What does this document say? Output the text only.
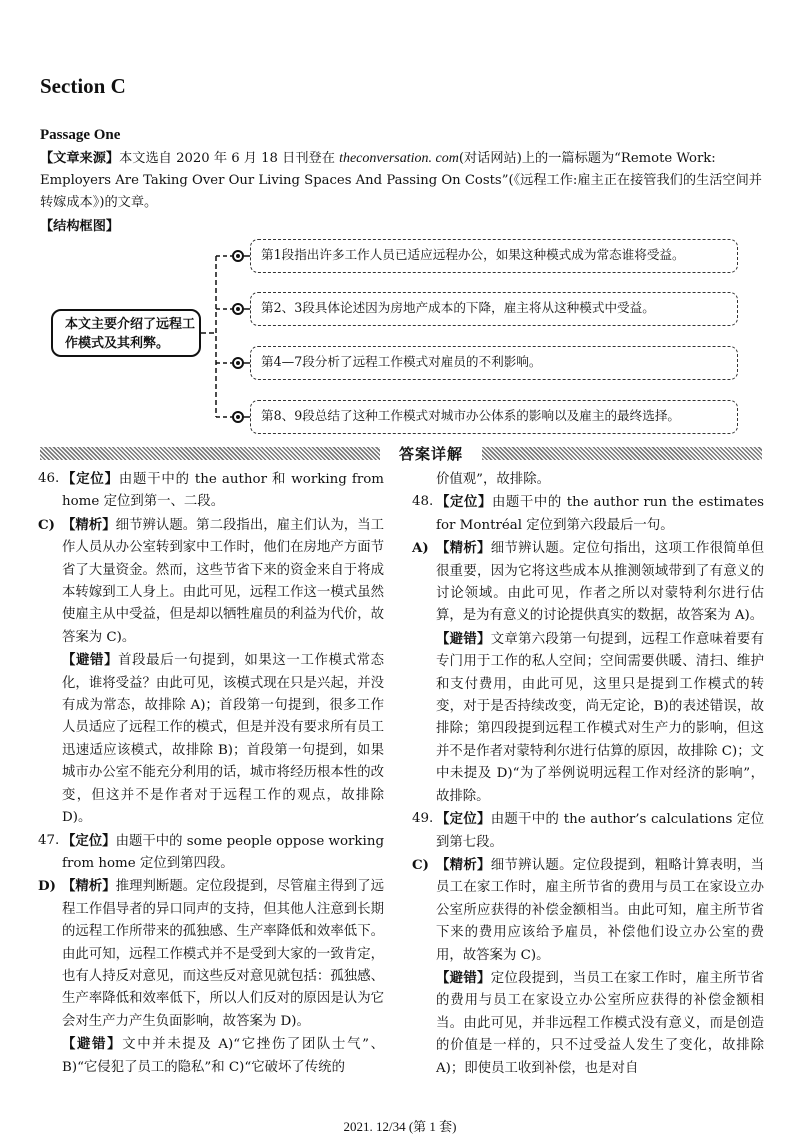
Section C
Passage One
【文章来源】本文选自 2020 年 6 月 18 日刊登在 theconversation. com(对话网站)上的一篇标题为“Remote Work: Employers Are Taking Over Our Living Spaces And Passing On Costs”(《远程工作:雇主正在接管我们的生活空间并转嫁成本》)的文章。
【结构框图】
本文主要介绍了远程工作模式及其利弊。
第1段指出许多工作人员已适应远程办公，如果这种模式成为常态谁将受益。
第2、3段具体论述因为房地产成本的下降，雇主将从这种模式中受益。
第4—7段分析了远程工作模式对雇员的不利影响。
第8、9段总结了这种工作模式对城市办公体系的影响以及雇主的最终选择。
答案详解

46. 【定位】由题干中的 the author 和 working from home 定位到第一、二段。

C) 【精析】细节辨认题。第二段指出，雇主们认为，当工作人员从办公室转到家中工作时，他们在房地产方面节省了大量资金。然而，这些节省下来的资金来自于将成本转嫁到工人身上。由此可见，远程工作这一模式虽然使雇主从中受益，但是却以牺牲雇员的利益为代价，故答案为 C)。

【避错】首段最后一句提到，如果这一工作模式常态化，谁将受益？由此可见，该模式现在只是兴起，并没有成为常态，故排除 A)；首段第一句提到，很多工作人员适应了远程工作的模式，但是并没有要求所有员工迅速适应该模式，故排除 B)；首段第一句提到，如果城市办公室不能充分利用的话，城市将经历根本性的改变，但这并不是作者对于远程工作的观点，故排除 D)。

47. 【定位】由题干中的 some people oppose working from home 定位到第四段。

D) 【精析】推理判断题。定位段提到，尽管雇主得到了远程工作倡导者的异口同声的支持，但其他人注意到长期的远程工作所带来的孤独感、生产率降低和效率低下。由此可知，远程工作模式并不是受到大家的一致肯定，也有人持反对意见，而这些反对意见就包括：孤独感、生产率降低和效率低下，所以人们反对的原因是认为它会对生产力产生负面影响，故答案为 D)。

【避错】文中并未提及 A)“它挫伤了团队士气”、B)“它侵犯了员工的隐私”和 C)“它破坏了传统的

价值观”，故排除。

48. 【定位】由题干中的 the author run the estimates for Montréal 定位到第六段最后一句。

A) 【精析】细节辨认题。定位句指出，这项工作很简单但很重要，因为它将这些成本从推测领域带到了有意义的讨论领域。由此可见，作者之所以对蒙特利尔进行估算，是为有意义的讨论提供真实的数据，故答案为 A)。

【避错】文章第六段第一句提到，远程工作意味着要有专门用于工作的私人空间；空间需要供暖、清扫、维护和支付费用，由此可见，这里只是提到工作模式的转变，对于是否持续改变，尚无定论，B)的表述错误，故排除；第四段提到远程工作模式对生产力的影响，但这并不是作者对蒙特利尔进行估算的原因，故排除 C)；文中未提及 D)“为了举例说明远程工作对经济的影响”，故排除。

49. 【定位】由题干中的 the author’s calculations 定位到第七段。

C) 【精析】细节辨认题。定位段提到，粗略计算表明，当员工在家工作时，雇主所节省的费用与员工在家设立办公室所应获得的补偿金额相当。由此可知，雇主所节省下来的费用应该给予雇员，补偿他们设立办公室的费用，故答案为 C)。

【避错】定位段提到，当员工在家工作时，雇主所节省的费用与员工在家设立办公室所应获得的补偿金额相当。由此可见，并非远程工作模式没有意义，而是创造的价值是一样的，只不过受益人发生了变化，故排除 A)；即使员工收到补偿，也是对自

2021. 12/34 (第 1 套)
